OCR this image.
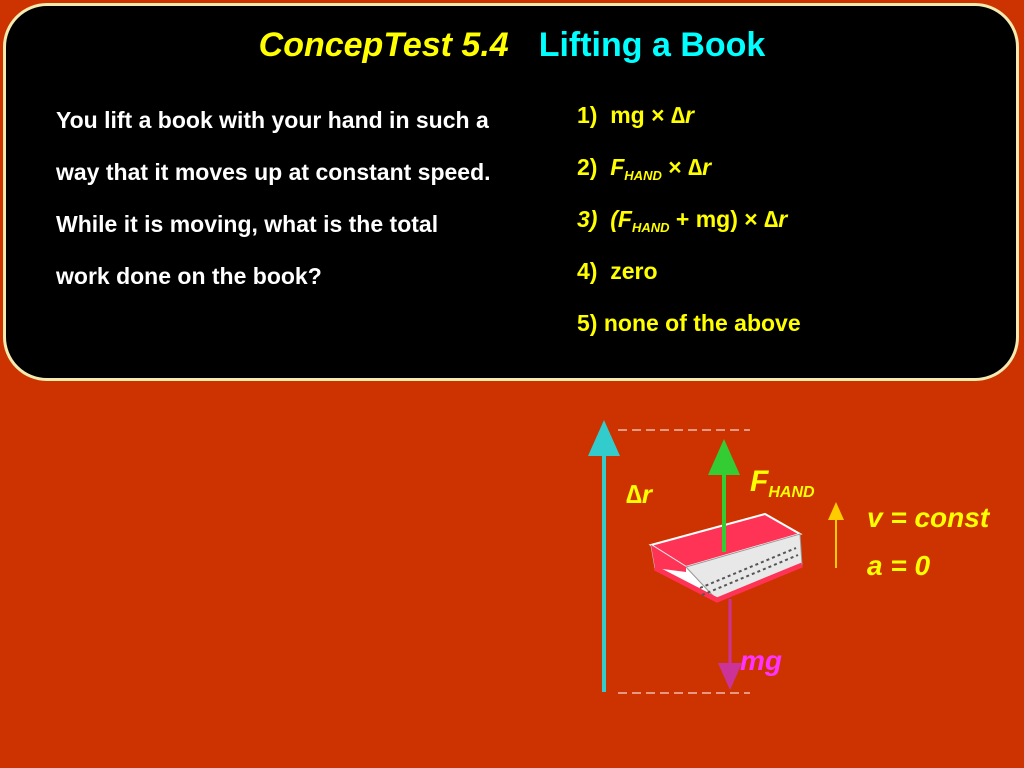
ConcepTest 5.4 Lifting a Book
You lift a book with your hand in such a way that it moves up at constant speed. While it is moving, what is the total work done on the book?
1) mg × ∆r
2) $F_{HAND} \times \Delta r$
3) $(F_{HAND} + mg) \times \Delta r$
4) zero
5) none of the above
∆r	$F_{HAND}$
mg
v = const
a = 0
